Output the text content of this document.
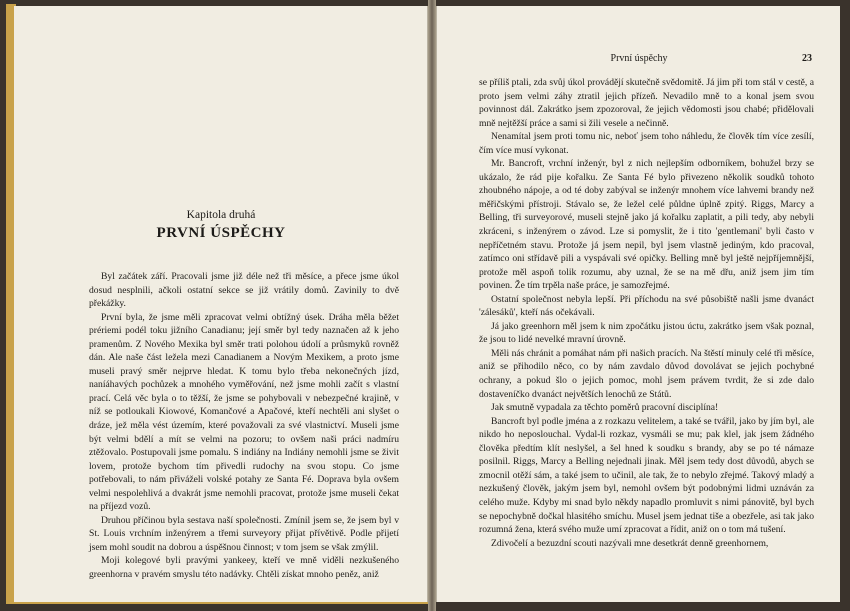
Kapitola druhá
PRVNÍ ÚSPĚCHY

Byl začátek září. Pracovali jsme již déle než tři měsíce, a přece jsme úkol dosud nesplnili, ačkoli ostatní sekce se již vrátily domů. Zavinily to dvě překážky.

První byla, že jsme měli zpracovat velmi obtížný úsek. Dráha měla běžet prériemi podél toku jižního Canadianu; její směr byl tedy naznačen až k jeho pramenům. Z Nového Mexika byl směr trati polohou údolí a průsmyků rovněž dán. Ale naše část ležela mezi Canadianem a Novým Mexikem, a proto jsme museli pravý směr nejprve hledat. K tomu bylo třeba nekonečných jízd, naníáhavých pochůzek a mnohého vyměřování, než jsme mohli začít s vlastní prací. Celá věc byla o to těžší, že jsme se pohybovali v nebezpečné krajině, v níž se potloukali Kiowové, Komančové a Apačové, kteří nechtěli ani slyšet o dráze, jež měla vést územím, které považovali za své vlastnictví. Museli jsme být velmi bdělí a mít se velmi na pozoru; to ovšem naši práci nadmíru ztěžovalo. Postupovali jsme pomalu. S indiány na Indiány nemohli jsme se živit lovem, protože bychom tím přivedli rudochy na svou stopu. Co jsme potřebovali, to nám přiváželi volské potahy ze Santa Fé. Doprava byla ovšem velmi nespolehlivá a dvakrát jsme nemohli pracovat, protože jsme museli čekat na příjezd vozů.

Druhou příčinou byla sestava naší společnosti. Zmínil jsem se, že jsem byl v St. Louis vrchním inženýrem a třemi surveyory přijat přívětivě. Podle přijetí jsem mohl soudit na dobrou a úspěšnou činnost; v tom jsem se však zmýlil.

Moji kolegové byli pravými yankeey, kteří ve mně viděli nezkušeného greenhorna v pravém smyslu této nadávky. Chtěli získat mnoho peněz, aniž

První úspěchy	23

se příliš ptali, zda svůj úkol provádějí skutečně svědomitě. Já jim při tom stál v cestě, a proto jsem velmi záhy ztratil jejich přízeň. Nevadilo mně to a konal jsem svou povinnost dál. Zakrátko jsem zpozoroval, že jejich vědomosti jsou chabé; přidělovali mně nejtěžší práce a sami si žili vesele a nečinně.

Nenamítal jsem proti tomu nic, neboť jsem toho náhledu, že člověk tím více zesílí, čím více musí vykonat.

Mr. Bancroft, vrchní inženýr, byl z nich nejlepším odborníkem, bohužel brzy se ukázalo, že rád pije kořalku. Ze Santa Fé bylo přivezeno několik soudků tohoto zhoubného nápoje, a od té doby zabýval se inženýr mnohem více lahvemi brandy než měřičskými přístroji. Stávalo se, že ležel celé půldne úplně zpitý. Riggs, Marcy a Belling, tři surveyorové, museli stejně jako já kořalku zaplatit, a pili tedy, aby nebyli zkráceni, s inženýrem o závod. Lze si pomyslit, že i tito 'gentlemani' byli často v nepříčetném stavu. Protože já jsem nepil, byl jsem vlastně jediným, kdo pracoval, zatímco oni střídavě pili a vyspávali své opičky. Belling mně byl ještě nejpříjemnější, protože měl aspoň tolik rozumu, aby uznal, že se na mě dřu, aniž jsem jim tím povinen. Že tím trpěla naše práce, je samozřejmé.

Ostatní společnost nebyla lepší. Při příchodu na své působiště našli jsme dvanáct 'zálesáků', kteří nás očekávali.

Já jako greenhorn měl jsem k nim zpočátku jistou úctu, zakrátko jsem však poznal, že jsou to lidé nevelké mravní úrovně.

Měli nás chránit a pomáhat nám při našich pracích. Na štěstí minuly celé tři měsíce, aniž se přihodilo něco, co by nám zavdalo důvod dovolávat se jejich pochybné ochrany, a pokud šlo o jejich pomoc, mohl jsem právem tvrdit, že si zde dalo dostaveníčko dvanáct největších lenochů ze Států.

Jak smutně vypadala za těchto poměrů pracovní disciplína!

Bancroft byl podle jména a z rozkazu velitelem, a také se tvářil, jako by jím byl, ale nikdo ho neposlouchal. Vydal-li rozkaz, vysmáli se mu; pak klel, jak jsem žádného člověka předtím klít neslyšel, a šel hned k soudku s brandy, aby se po té námaze posilnil. Riggs, Marcy a Belling nejednali jinak. Měl jsem tedy dost důvodů, abych se zmocnil otěží sám, a také jsem to učinil, ale tak, že to nebylo zřejmé. Takový mladý a nezkušený člověk, jakým jsem byl, nemohl ovšem být podobnými lidmi uznáván za celého muže. Kdyby mi snad bylo někdy napadlo promluvit s nimi pánovitě, byl bych se nepochybně dočkal hlasitého smíchu. Musel jsem jednat tiše a obezřele, asi tak jako rozumná žena, která svého muže umí zpracovat a řídit, aniž on o tom má tušení.

Zdivočelí a bezuzdní scouti nazývali mne desetkrát denně greenhornem,
